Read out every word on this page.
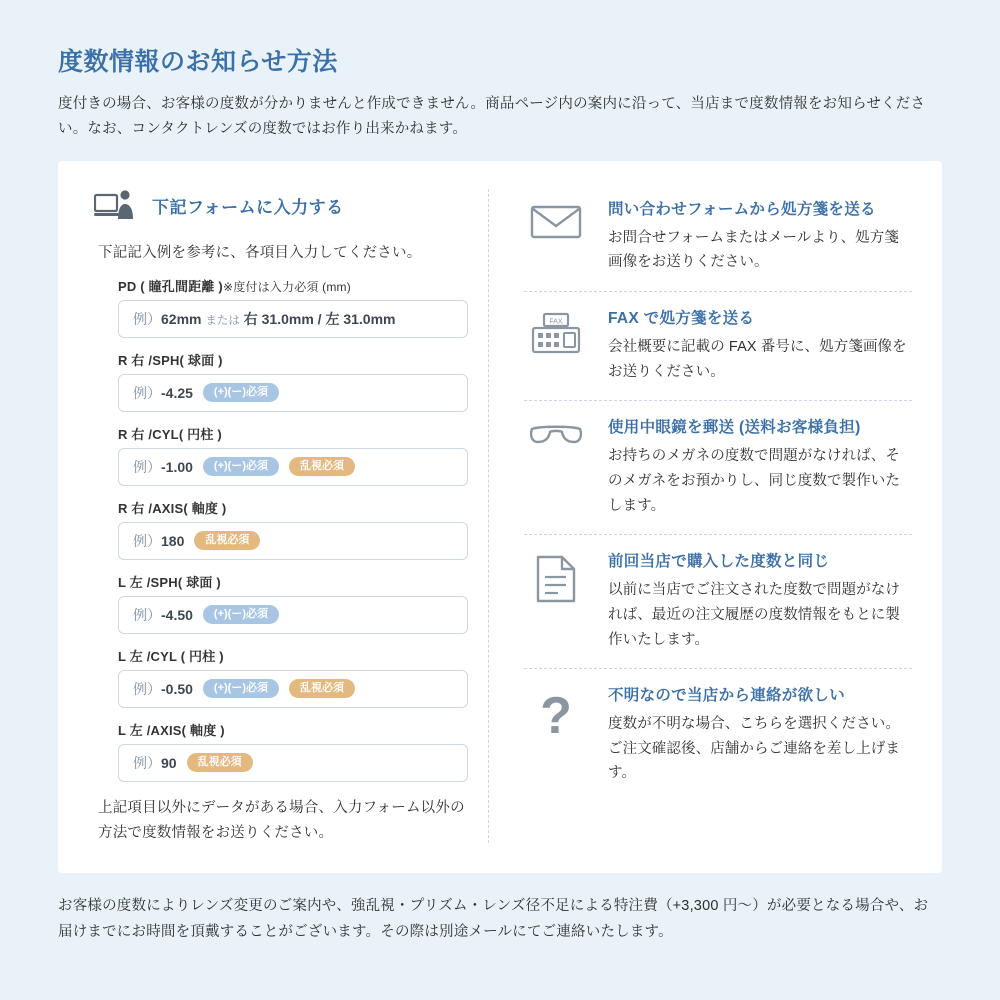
度数情報のお知らせ方法

度付きの場合、お客様の度数が分かりませんと作成できません。商品ページ内の案内に沿って、当店まで度数情報をお知らせください。なお、コンタクトレンズの度数ではお作り出来かねます。

下記フォームに入力する
下記記入例を参考に、各項目入力してください。
PD ( 瞳孔間距離 )※度付は入力必須 (mm)
例）62mm または 右 31.0mm / 左 31.0mm
R 右 /SPH( 球面 )
例）-4.25	(+)(ー)必須
R 右 /CYL( 円柱 )
例）-1.00	(+)(ー)必須	乱視必須
R 右 /AXIS( 軸度 )
例）180	乱視必須
L 左 /SPH( 球面 )
例）-4.50	(+)(ー)必須
L 左 /CYL ( 円柱 )
例）-0.50	(+)(ー)必須	乱視必須
L 左 /AXIS( 軸度 )
例）90	乱視必須
上記項目以外にデータがある場合、入力フォーム以外の方法で度数情報をお送りください。
問い合わせフォームから処方箋を送る
お問合せフォームまたはメールより、処方箋画像をお送りください。
FAX	FAX で処方箋を送る
会社概要に記載の FAX 番号に、処方箋画像をお送りください。
使用中眼鏡を郵送 (送料お客様負担)
お持ちのメガネの度数で問題がなければ、そのメガネをお預かりし、同じ度数で製作いたします。
前回当店で購入した度数と同じ
以前に当店でご注文された度数で問題がなければ、最近の注文履歴の度数情報をもとに製作いたします。
? 不明なので当店から連絡が欲しい
度数が不明な場合、こちらを選択ください。ご注文確認後、店舗からご連絡を差し上げます。
お客様の度数によりレンズ変更のご案内や、強乱視・プリズム・レンズ径不足による特注費（+3,300 円〜）が必要となる場合や、お届けまでにお時間を頂戴することがございます。その際は別途メールにてご連絡いたします。
